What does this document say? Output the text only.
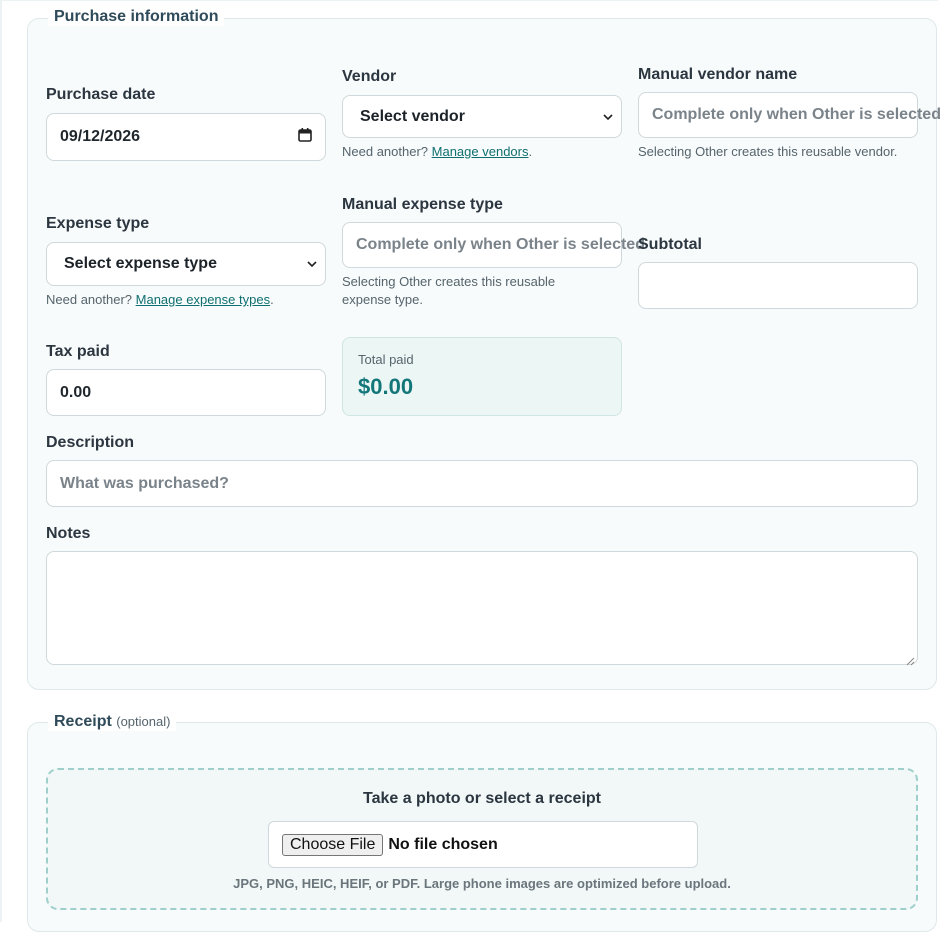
Purchase information
Purchase date
09/12/2026
Vendor
Select vendor
Need another? Manage vendors.
Manual vendor name
Complete only when Other is selected
Selecting Other creates this reusable vendor.
Expense type
Select expense type
Need another? Manage expense types.
Manual expense type
Complete only when Other is selected
Selecting Other creates this reusable expense type.
Subtotal
Tax paid
0.00
Total paid
$0.00
Description
What was purchased?
Notes
Receipt (optional)
Take a photo or select a receipt
Choose File No file chosen
JPG, PNG, HEIC, HEIF, or PDF. Large phone images are optimized before upload.
